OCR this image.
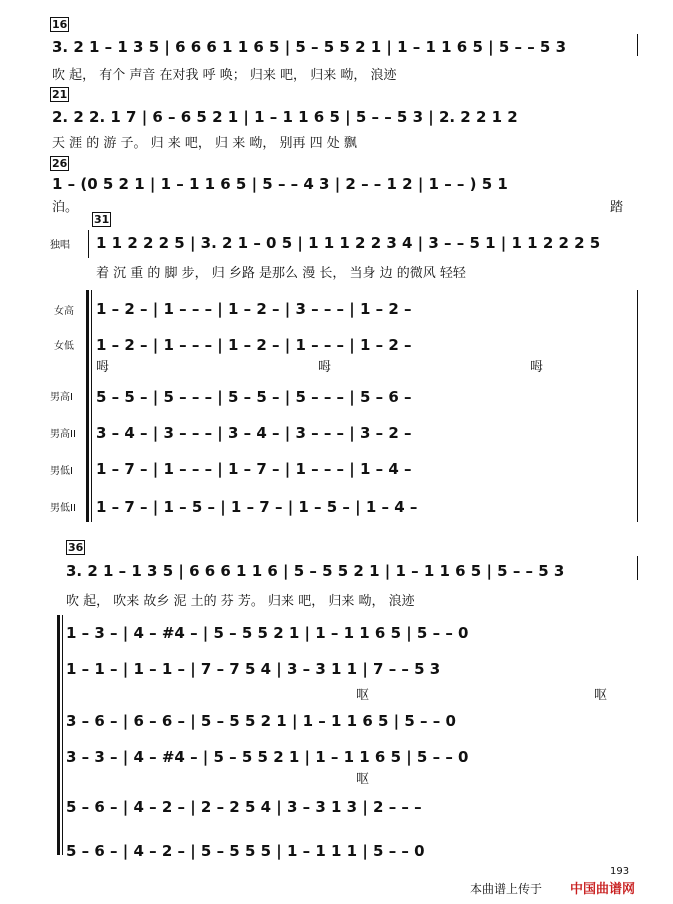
16
21
26
31
36
3. 2 1 – 1 3 5 | 6 6 6 1 1 6 5 | 5 – 5 5 2 1 | 1 – 1 1 6 5 | 5 – – 5 3
吹 起， 有个 声音 在对我 呼 唤； 归来 吧， 归来 呦， 浪迹
2. 2 2. 1 7 | 6 – 6 5 2 1 | 1 – 1 1 6 5 | 5 – – 5 3 | 2. 2 2 1 2
天 涯 的 游 子。 归 来 吧， 归 来 呦， 别再 四 处 飘
1 – (0 5 2 1 | 1 – 1 1 6 5 | 5 – – 4 3 | 2 – – 1 2 | 1 – – ) 5 1
泊。	踏
独唱
女高
女低
男高I
男高II
男低I
男低II
1 1 2 2 2 5 | 3. 2 1 – 0 5 | 1 1 1 2 2 3 4 | 3 – – 5 1 | 1 1 2 2 2 5
着 沉 重 的 脚 步， 归 乡路 是那么 漫 长， 当身 边 的微风 轻轻
1 – 2 – | 1 – – – | 1 – 2 – | 3 – – – | 1 – 2 –
1 – 2 – | 1 – – – | 1 – 2 – | 1 – – – | 1 – 2 –
呣	呣	呣
5 – 5 – | 5 – – – | 5 – 5 – | 5 – – – | 5 – 6 –
3 – 4 – | 3 – – – | 3 – 4 – | 3 – – – | 3 – 2 –
1 – 7 – | 1 – – – | 1 – 7 – | 1 – – – | 1 – 4 –
1 – 7 – | 1 – 5 – | 1 – 7 – | 1 – 5 – | 1 – 4 –
3. 2 1 – 1 3 5 | 6 6 6 1 1 6 | 5 – 5 5 2 1 | 1 – 1 1 6 5 | 5 – – 5 3
吹 起， 吹来 故乡 泥 土的 芬 芳。 归来 吧， 归来 呦， 浪迹
1 – 3 – | 4 – #4 – | 5 – 5 5 2 1 | 1 – 1 1 6 5 | 5 – – 0
1 – 1 – | 1 – 1 – | 7 – 7 5 4 | 3 – 3 1 1 | 7 – – 5 3
呕	呕
3 – 6 – | 6 – 6 – | 5 – 5 5 2 1 | 1 – 1 1 6 5 | 5 – – 0
3 – 3 – | 4 – #4 – | 5 – 5 5 2 1 | 1 – 1 1 6 5 | 5 – – 0
呕
5 – 6 – | 4 – 2 – | 2 – 2 5 4 | 3 – 3 1 3 | 2 – – –
5 – 6 – | 4 – 2 – | 5 – 5 5 5 | 1 – 1 1 1 | 5 – – 0
本曲谱上传于 中国曲谱网
193
